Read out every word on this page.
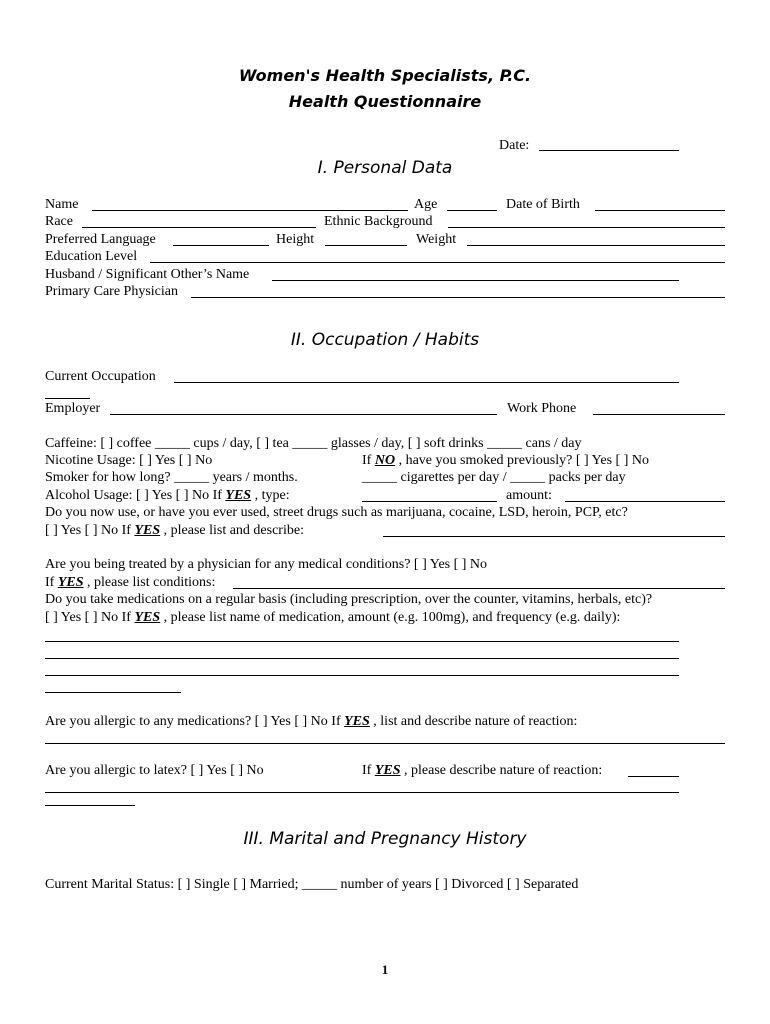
Women's Health Specialists, P.C.
Health Questionnaire
Date:
I. Personal Data
Name	Age	Date of Birth
Race	Ethnic Background
Preferred Language	Height	Weight
Education Level
Husband / Significant Other’s Name
Primary Care Physician
II. Occupation / Habits
Current Occupation
Employer	Work Phone
Caffeine: [ ] coffee _____ cups / day, [ ] tea _____ glasses / day, [ ] soft drinks _____ cans / day
Nicotine Usage: [ ] Yes [ ] No	If NO , have you smoked previously? [ ] Yes [ ] No
Smoker for how long? _____ years / months.	_____ cigarettes per day / _____ packs per day
Alcohol Usage: [ ] Yes [ ] No If YES , type:	amount:
Do you now use, or have you ever used, street drugs such as marijuana, cocaine, LSD, heroin, PCP, etc?
[ ] Yes [ ] No If YES , please list and describe:
Are you being treated by a physician for any medical conditions? [ ] Yes [ ] No
If YES , please list conditions:
Do you take medications on a regular basis (including prescription, over the counter, vitamins, herbals, etc)?
[ ] Yes [ ] No If YES , please list name of medication, amount (e.g. 100mg), and frequency (e.g. daily):
Are you allergic to any medications? [ ] Yes [ ] No If YES , list and describe nature of reaction:
Are you allergic to latex? [ ] Yes [ ] No	If YES , please describe nature of reaction:
III. Marital and Pregnancy History
Current Marital Status: [ ] Single [ ] Married; _____ number of years [ ] Divorced [ ] Separated
1
